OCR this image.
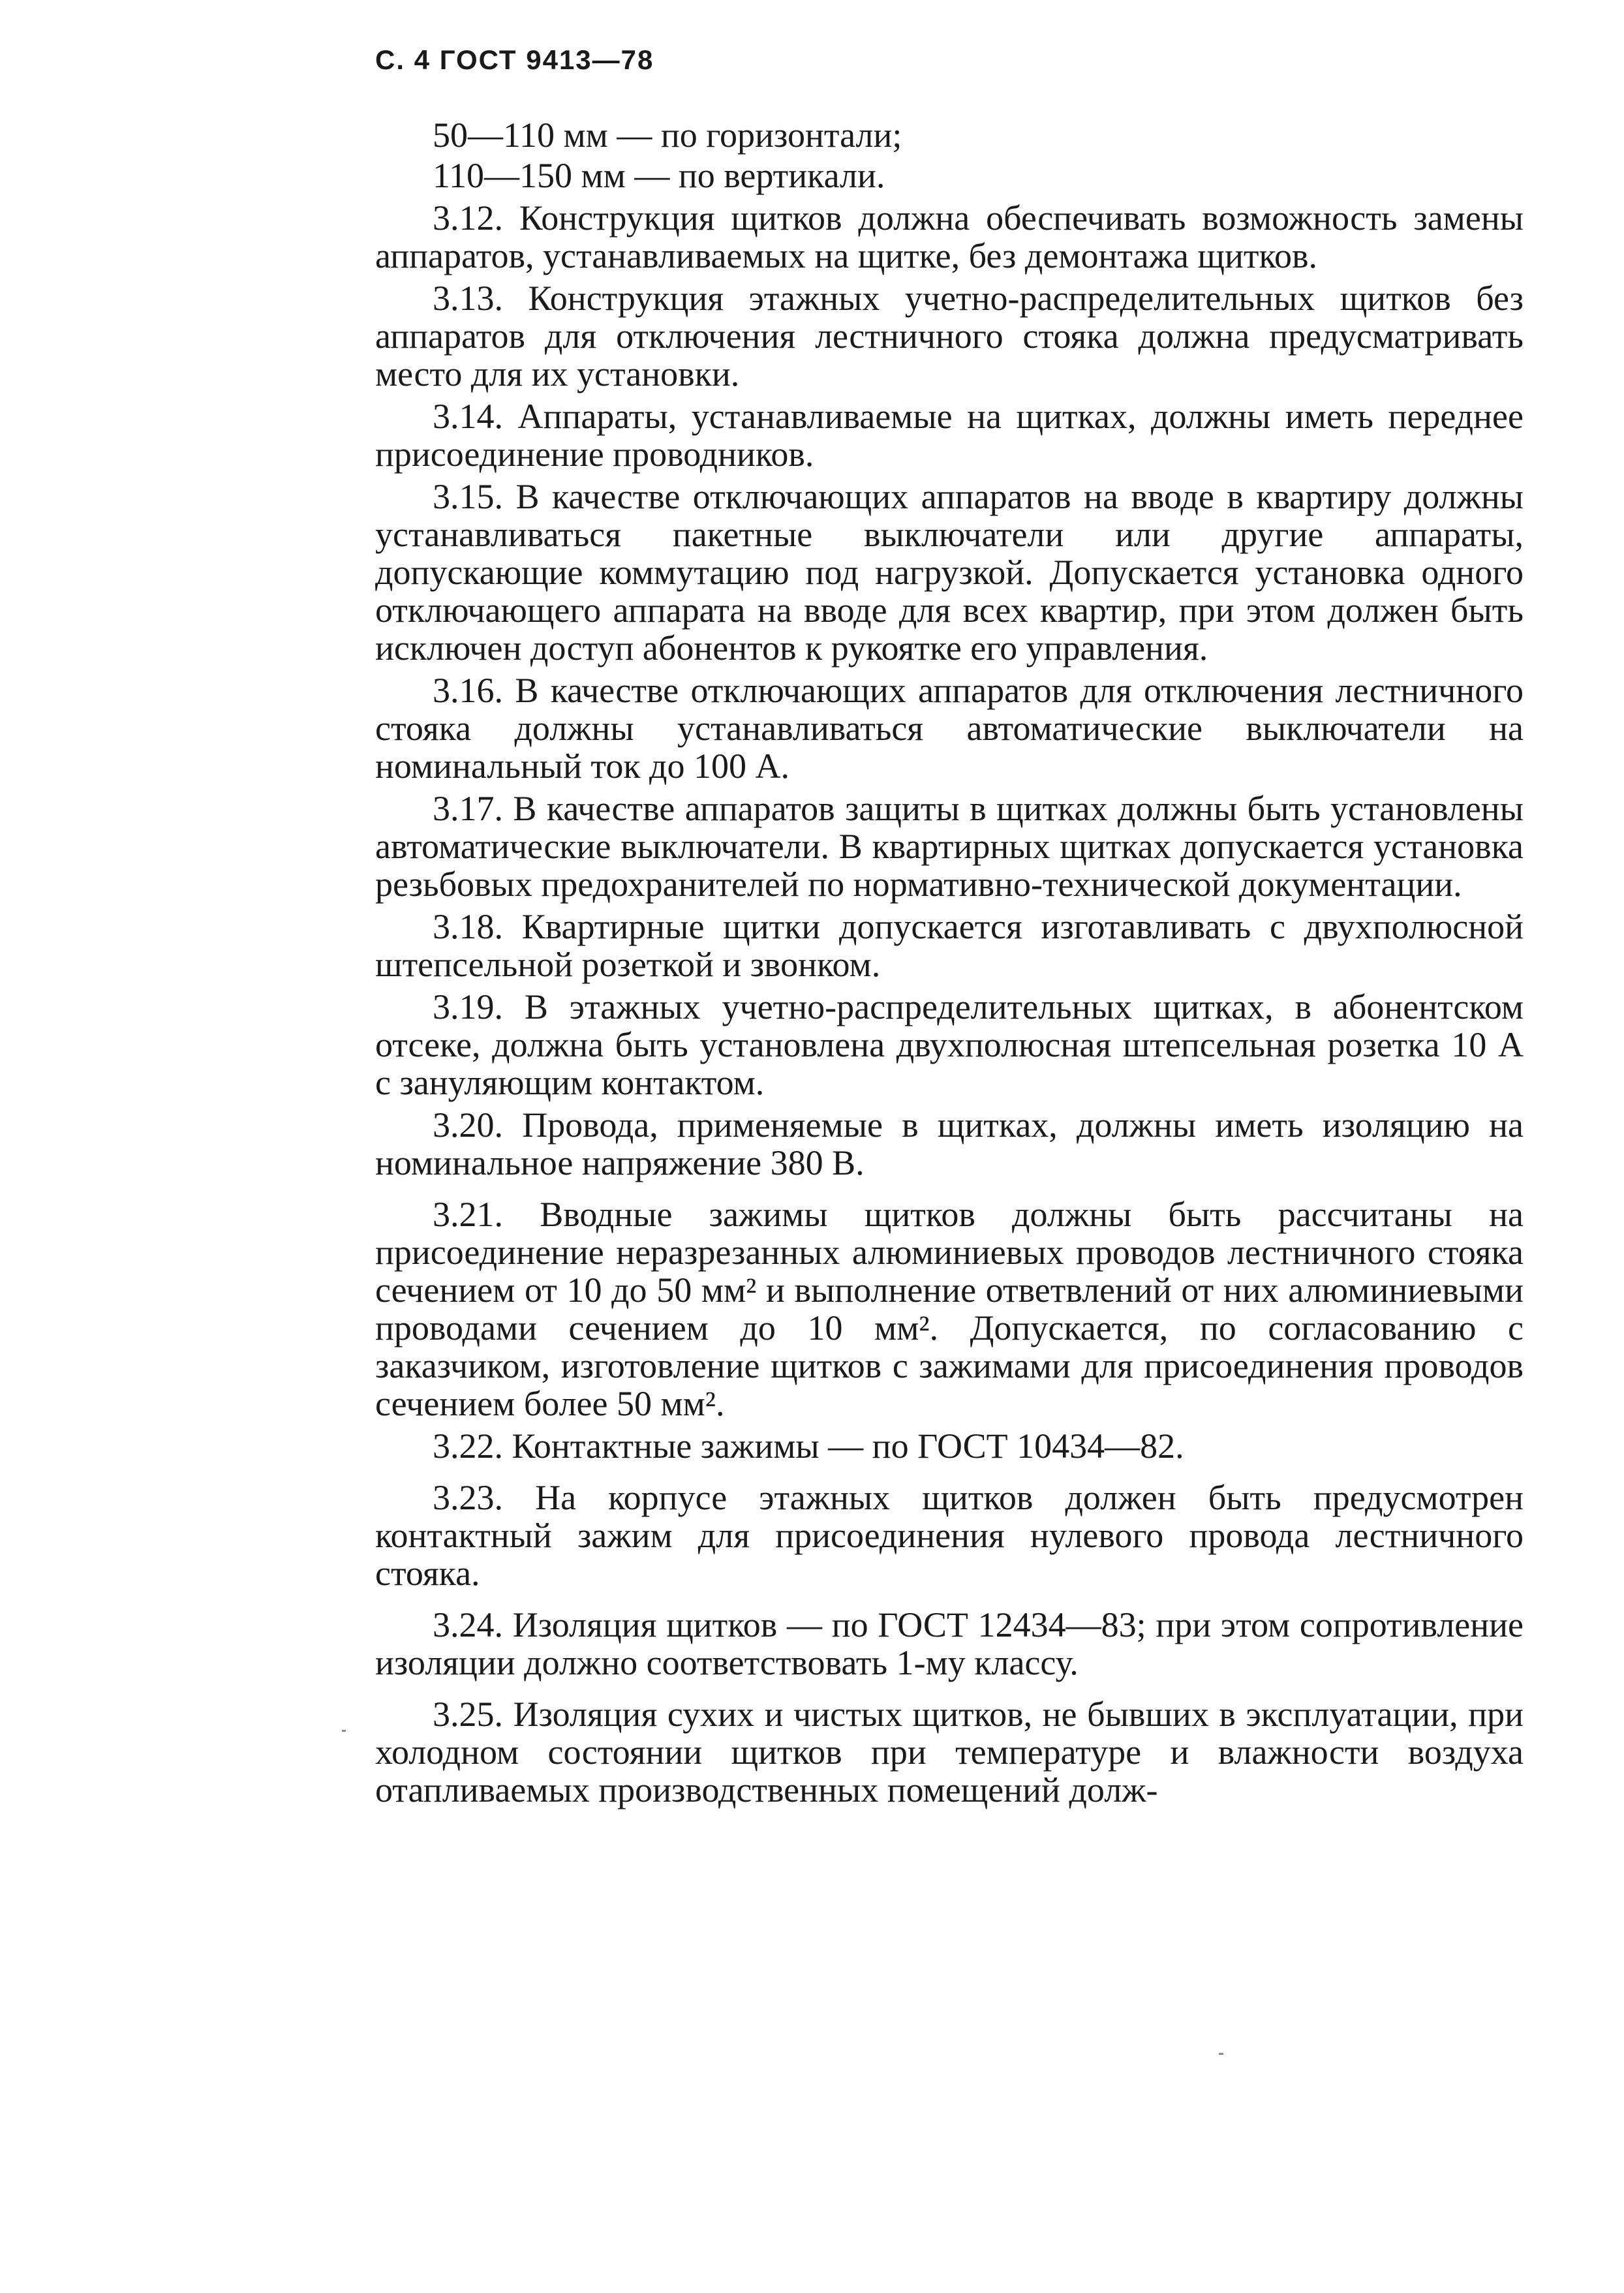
С. 4 ГОСТ 9413—78

50—110 мм — по горизонтали;

110—150 мм — по вертикали.

3.12. Конструкция щитков должна обеспечивать возможность замены аппаратов, устанавливаемых на щитке, без демонтажа щитков.

3.13. Конструкция этажных учетно-распределительных щитков без аппаратов для отключения лестничного стояка должна предусматривать место для их установки.

3.14. Аппараты, устанавливаемые на щитках, должны иметь переднее присоединение проводников.

3.15. В качестве отключающих аппаратов на вводе в квартиру должны устанавливаться пакетные выключатели или другие аппараты, допускающие коммутацию под нагрузкой. Допускается установка одного отключающего аппарата на вводе для всех квартир, при этом должен быть исключен доступ абонентов к рукоятке его управления.

3.16. В качестве отключающих аппаратов для отключения лестничного стояка должны устанавливаться автоматические выключатели на номинальный ток до 100 А.

3.17. В качестве аппаратов защиты в щитках должны быть установлены автоматические выключатели. В квартирных щитках допускается установка резьбовых предохранителей по нормативно-технической документации.

3.18. Квартирные щитки допускается изготавливать с двухполюсной штепсельной розеткой и звонком.

3.19. В этажных учетно-распределительных щитках, в абонентском отсеке, должна быть установлена двухполюсная штепсельная розетка 10 А с зануляющим контактом.

3.20. Провода, применяемые в щитках, должны иметь изоляцию на номинальное напряжение 380 В.

3.21. Вводные зажимы щитков должны быть рассчитаны на присоединение неразрезанных алюминиевых проводов лестничного стояка сечением от 10 до 50 мм² и выполнение ответвлений от них алюминиевыми проводами сечением до 10 мм². Допускается, по согласованию с заказчиком, изготовление щитков с зажимами для присоединения проводов сечением более 50 мм².

3.22. Контактные зажимы — по ГОСТ 10434—82.

3.23. На корпусе этажных щитков должен быть предусмотрен контактный зажим для присоединения нулевого провода лестничного стояка.

3.24. Изоляция щитков — по ГОСТ 12434—83; при этом сопротивление изоляции должно соответствовать 1-му классу.

3.25. Изоляция сухих и чистых щитков, не бывших в эксплуатации, при холодном состоянии щитков при температуре и влажности воздуха отапливаемых производственных помещений долж-
